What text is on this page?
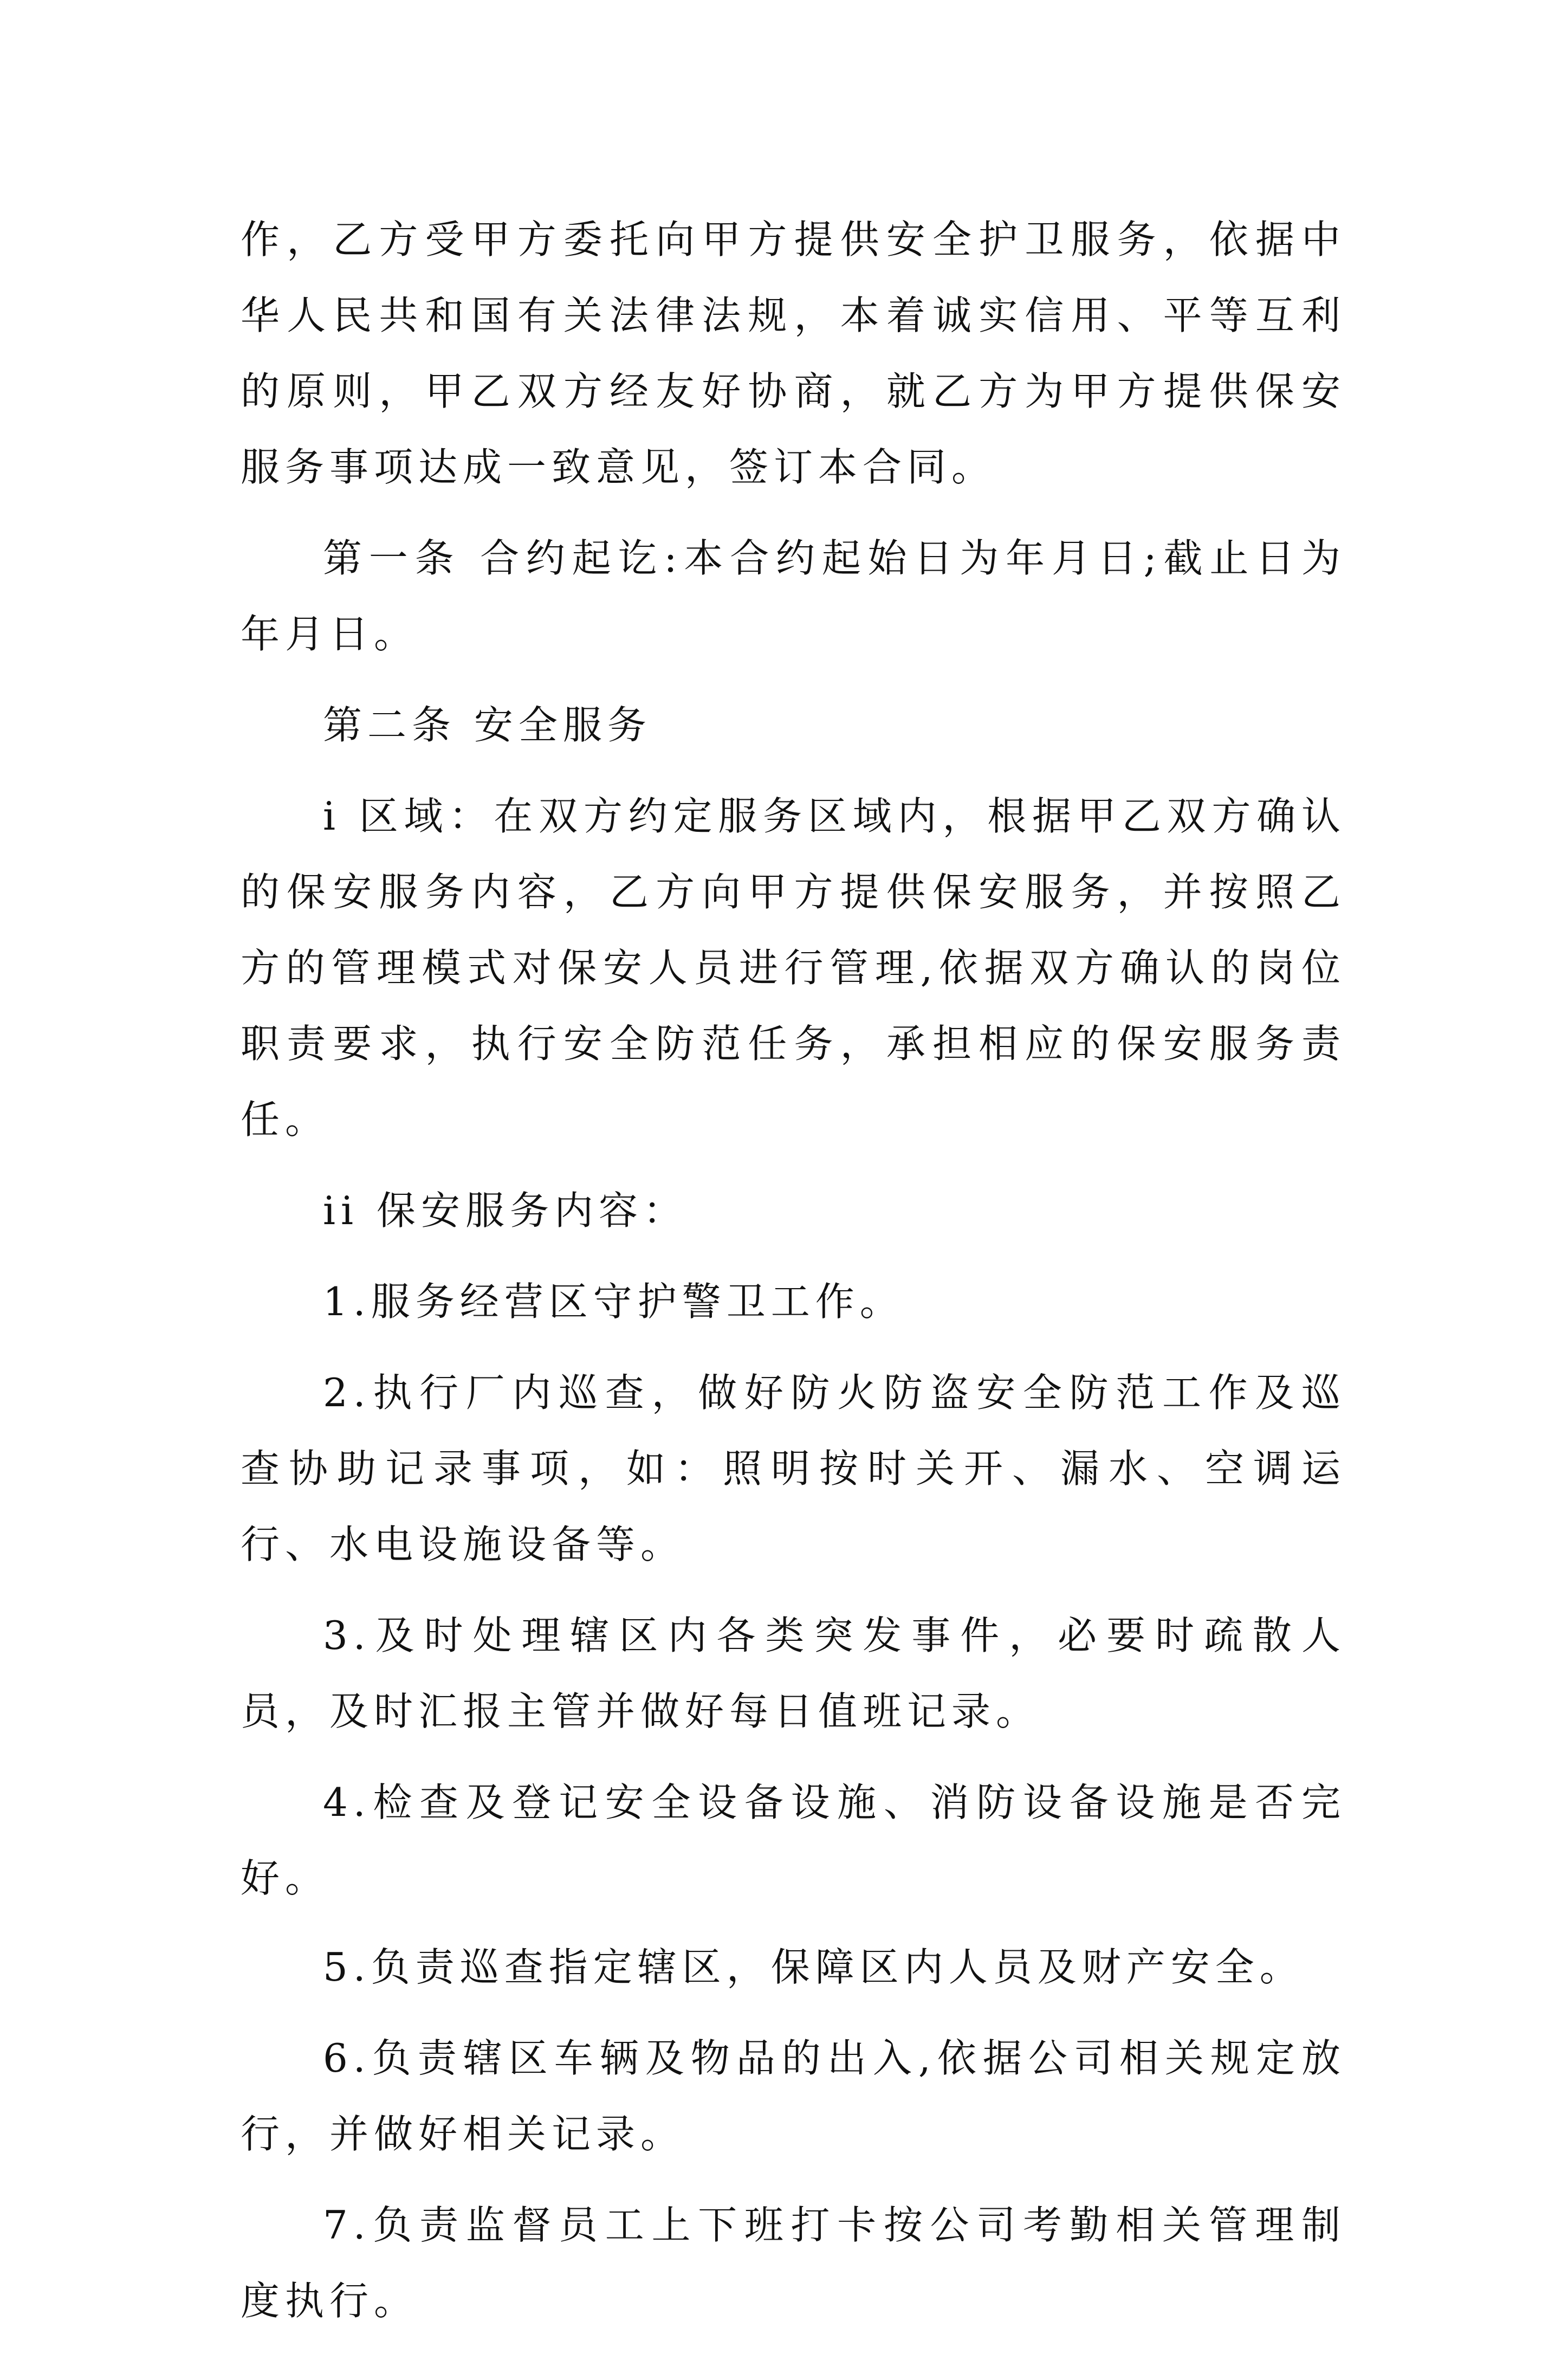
作，乙方受甲方委托向甲方提供安全护卫服务，依据中华人民共和国有关法律法规，本着诚实信用、平等互利的原则，甲乙双方经友好协商，就乙方为甲方提供保安服务事项达成一致意见，签订本合同。

第一条 合约起讫:本合约起始日为年月日;截止日为年月日。

第二条 安全服务

i 区域：在双方约定服务区域内，根据甲乙双方确认的保安服务内容，乙方向甲方提供保安服务，并按照乙方的管理模式对保安人员进行管理,依据双方确认的岗位职责要求，执行安全防范任务，承担相应的保安服务责任。

ii 保安服务内容：

1.服务经营区守护警卫工作。

2.执行厂内巡查，做好防火防盗安全防范工作及巡查协助记录事项，如：照明按时关开、漏水、空调运行、水电设施设备等。

3.及时处理辖区内各类突发事件，必要时疏散人员，及时汇报主管并做好每日值班记录。

4.检查及登记安全设备设施、消防设备设施是否完好。

5.负责巡查指定辖区，保障区内人员及财产安全。

6.负责辖区车辆及物品的出入,依据公司相关规定放行，并做好相关记录。

7.负责监督员工上下班打卡按公司考勤相关管理制度执行。
